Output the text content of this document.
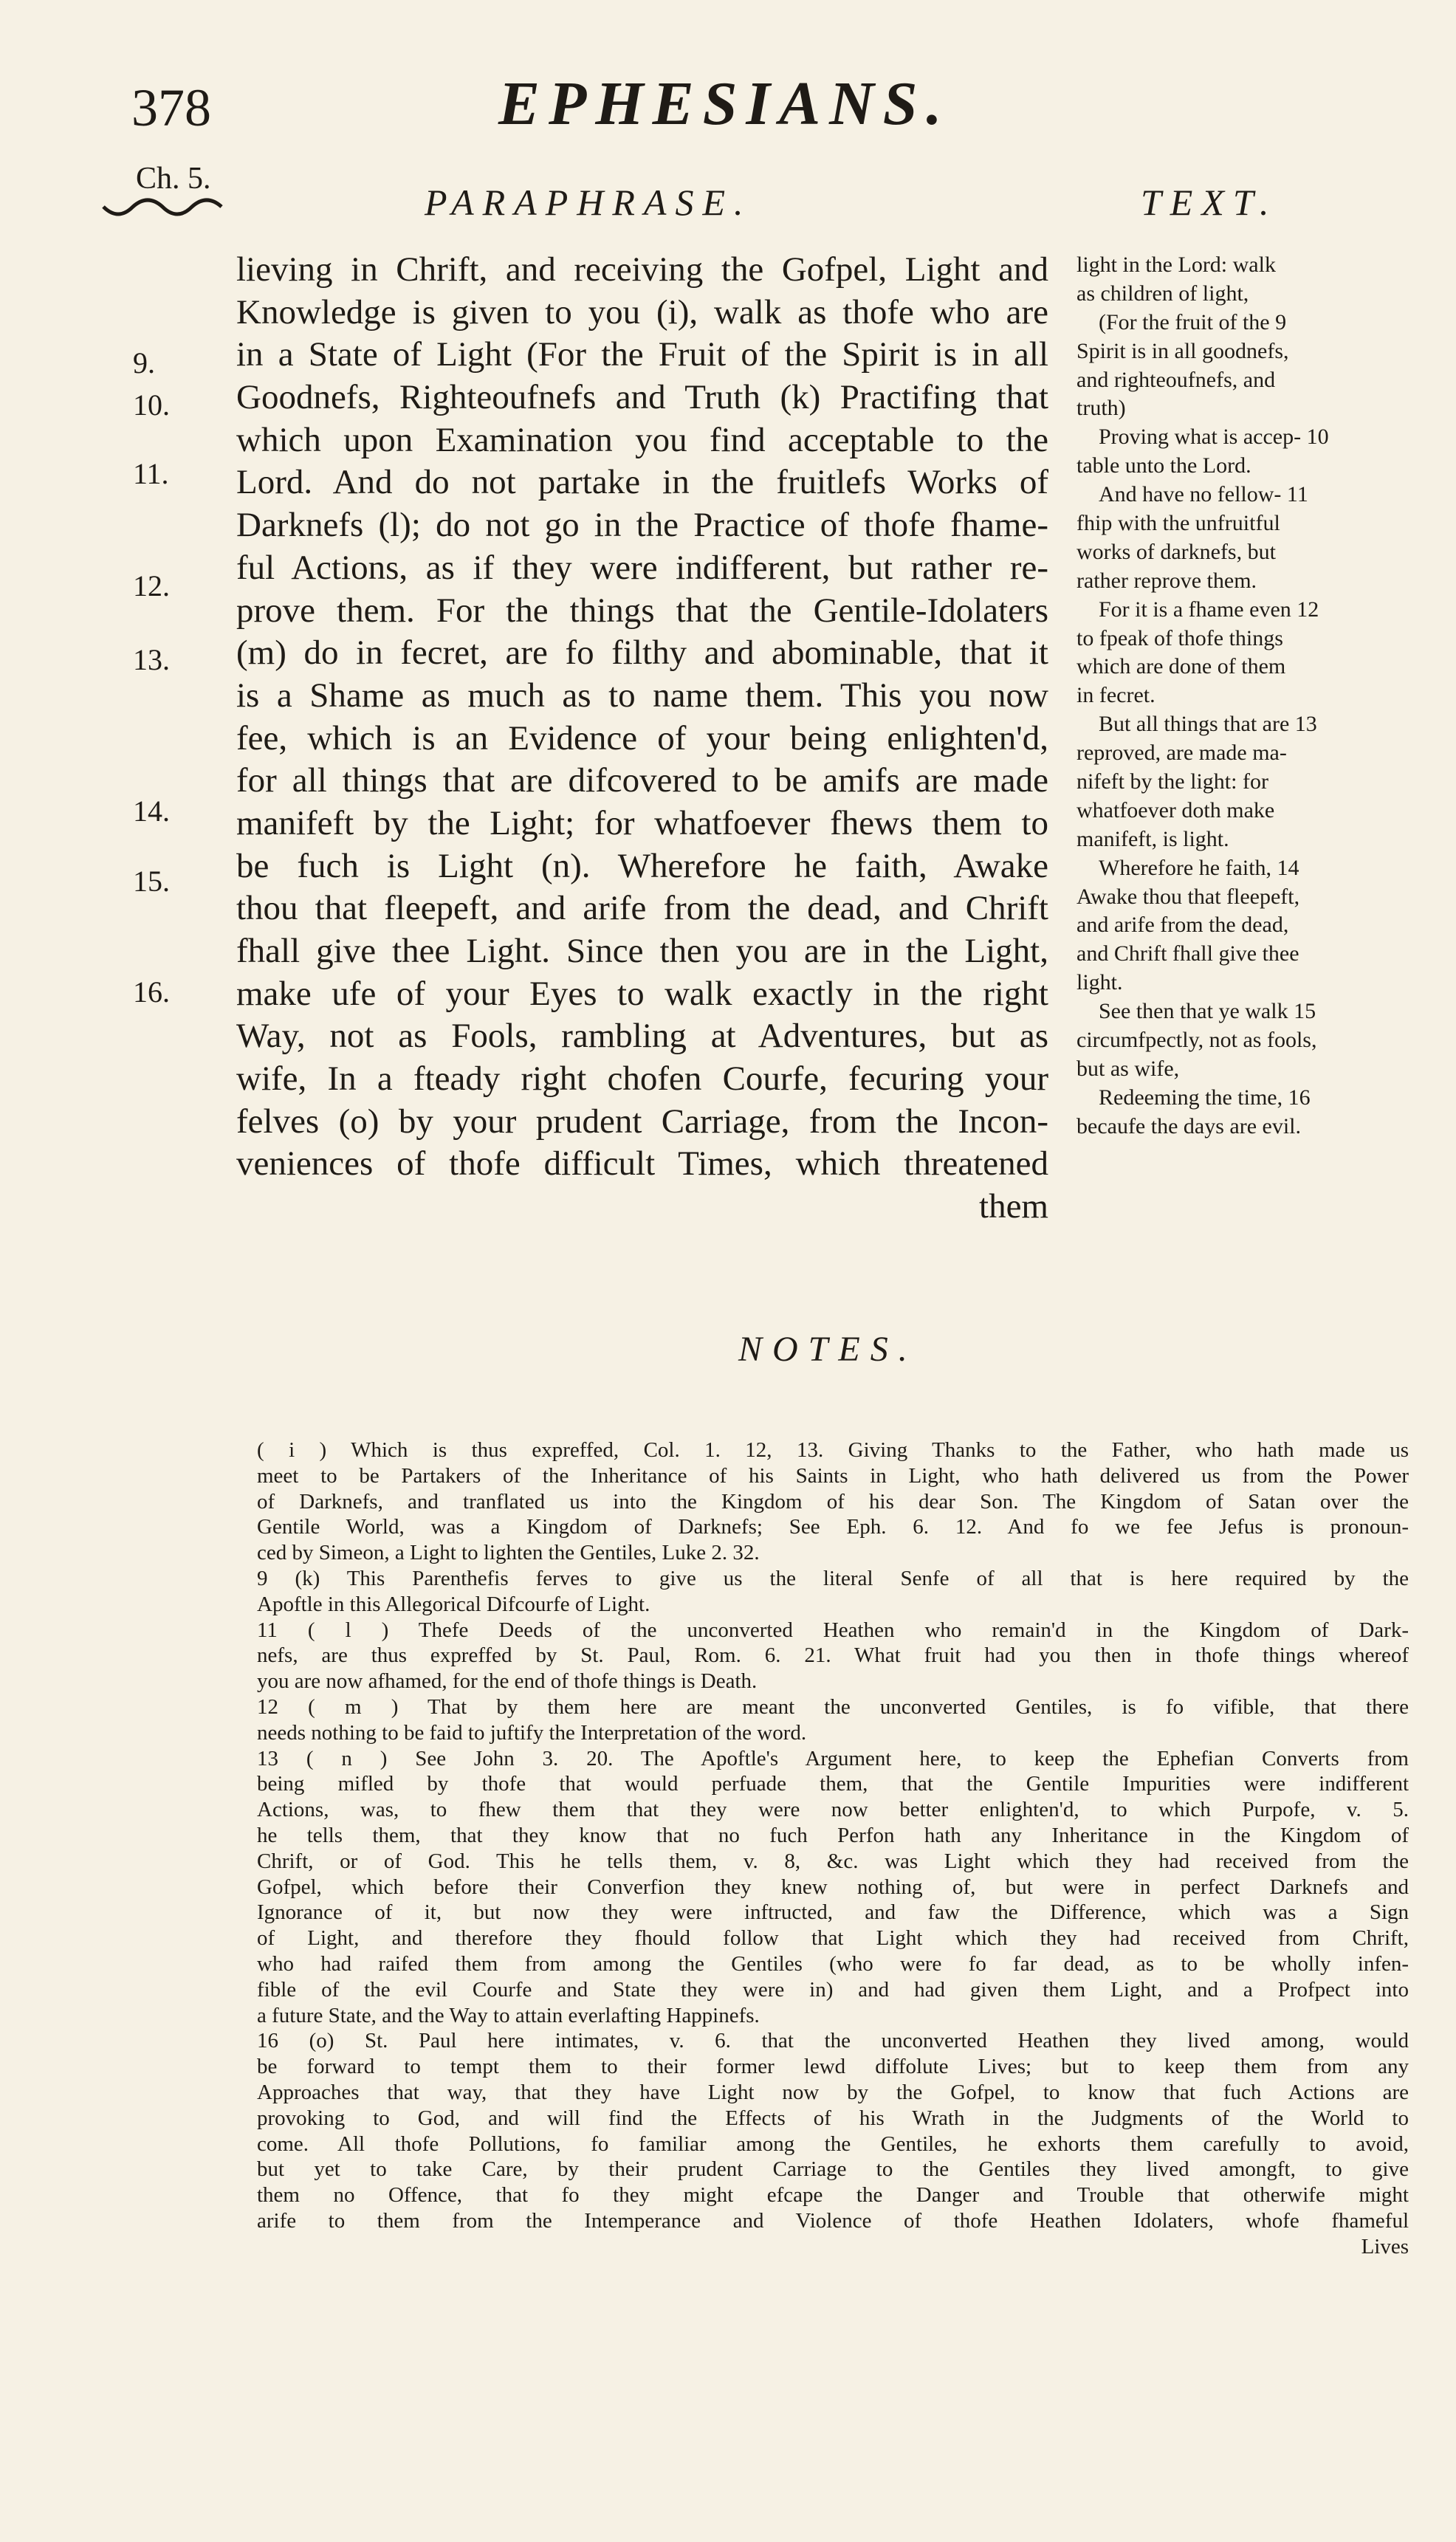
378	EPHESIANS.
Ch. 5.
PARAPHRASE.	TEXT.
lieving in Chrift, and receiving the Gofpel, Light and
Knowledge is given to you (i), walk as thofe who are
in a State of Light (For the Fruit of the Spirit is in all
Goodnefs, Righteoufnefs and Truth (k) Practifing that
which upon Examination you find acceptable to the
Lord. And do not partake in the fruitlefs Works of
Darknefs (l); do not go in the Practice of thofe fhame-
ful Actions, as if they were indifferent, but rather re-
prove them. For the things that the Gentile-Idolaters
(m) do in fecret, are fo filthy and abominable, that it
is a Shame as much as to name them. This you now
fee, which is an Evidence of your being enlighten'd,
for all things that are difcovered to be amifs are made
manifeft by the Light; for whatfoever fhews them to
be fuch is Light (n). Wherefore he faith, Awake
thou that fleepeft, and arife from the dead, and Chrift
fhall give thee Light. Since then you are in the Light,
make ufe of your Eyes to walk exactly in the right
Way, not as Fools, rambling at Adventures, but as
wife, In a fteady right chofen Courfe, fecuring your
felves (o) by your prudent Carriage, from the Incon-
veniences of thofe difficult Times, which threatened
them
9.
10.
11.
12.
13.
14.
15.
16.
light in the Lord: walk
as children of light,
(For the fruit of the 9
Spirit is in all goodnefs,
and righteoufnefs, and
truth)
Proving what is accep- 10
table unto the Lord.
And have no fellow- 11
fhip with the unfruitful
works of darknefs, but
rather reprove them.
For it is a fhame even 12
to fpeak of thofe things
which are done of them
in fecret.
But all things that are 13
reproved, are made ma-
nifeft by the light: for
whatfoever doth make
manifeft, is light.
Wherefore he faith, 14
Awake thou that fleepeft,
and arife from the dead,
and Chrift fhall give thee
light.
See then that ye walk 15
circumfpectly, not as fools,
but as wife,
Redeeming the time, 16
becaufe the days are evil.
NOTES.
( i ) Which is thus expreffed, Col. 1. 12, 13. Giving Thanks to the Father, who hath made us
meet to be Partakers of the Inheritance of his Saints in Light, who hath delivered us from the Power
of Darknefs, and tranflated us into the Kingdom of his dear Son. The Kingdom of Satan over the
Gentile World, was a Kingdom of Darknefs; See Eph. 6. 12. And fo we fee Jefus is pronoun-
ced by Simeon, a Light to lighten the Gentiles, Luke 2. 32.
9 (k) This Parenthefis ferves to give us the literal Senfe of all that is here required by the
Apoftle in this Allegorical Difcourfe of Light.
11 ( l ) Thefe Deeds of the unconverted Heathen who remain'd in the Kingdom of Dark-
nefs, are thus expreffed by St. Paul, Rom. 6. 21. What fruit had you then in thofe things whereof
you are now afhamed, for the end of thofe things is Death.
12 ( m ) That by them here are meant the unconverted Gentiles, is fo vifible, that there
needs nothing to be faid to juftify the Interpretation of the word.
13 ( n ) See John 3. 20. The Apoftle's Argument here, to keep the Ephefian Converts from
being mifled by thofe that would perfuade them, that the Gentile Impurities were indifferent
Actions, was, to fhew them that they were now better enlighten'd, to which Purpofe, v. 5.
he tells them, that they know that no fuch Perfon hath any Inheritance in the Kingdom of
Chrift, or of God. This he tells them, v. 8, &c. was Light which they had received from the
Gofpel, which before their Converfion they knew nothing of, but were in perfect Darknefs and
Ignorance of it, but now they were inftructed, and faw the Difference, which was a Sign
of Light, and therefore they fhould follow that Light which they had received from Chrift,
who had raifed them from among the Gentiles (who were fo far dead, as to be wholly infen-
fible of the evil Courfe and State they were in) and had given them Light, and a Profpect into
a future State, and the Way to attain everlafting Happinefs.
16 (o) St. Paul here intimates, v. 6. that the unconverted Heathen they lived among, would
be forward to tempt them to their former lewd diffolute Lives; but to keep them from any
Approaches that way, that they have Light now by the Gofpel, to know that fuch Actions are
provoking to God, and will find the Effects of his Wrath in the Judgments of the World to
come. All thofe Pollutions, fo familiar among the Gentiles, he exhorts them carefully to avoid,
but yet to take Care, by their prudent Carriage to the Gentiles they lived amongft, to give
them no Offence, that fo they might efcape the Danger and Trouble that otherwife might
arife to them from the Intemperance and Violence of thofe Heathen Idolaters, whofe fhameful
Lives
